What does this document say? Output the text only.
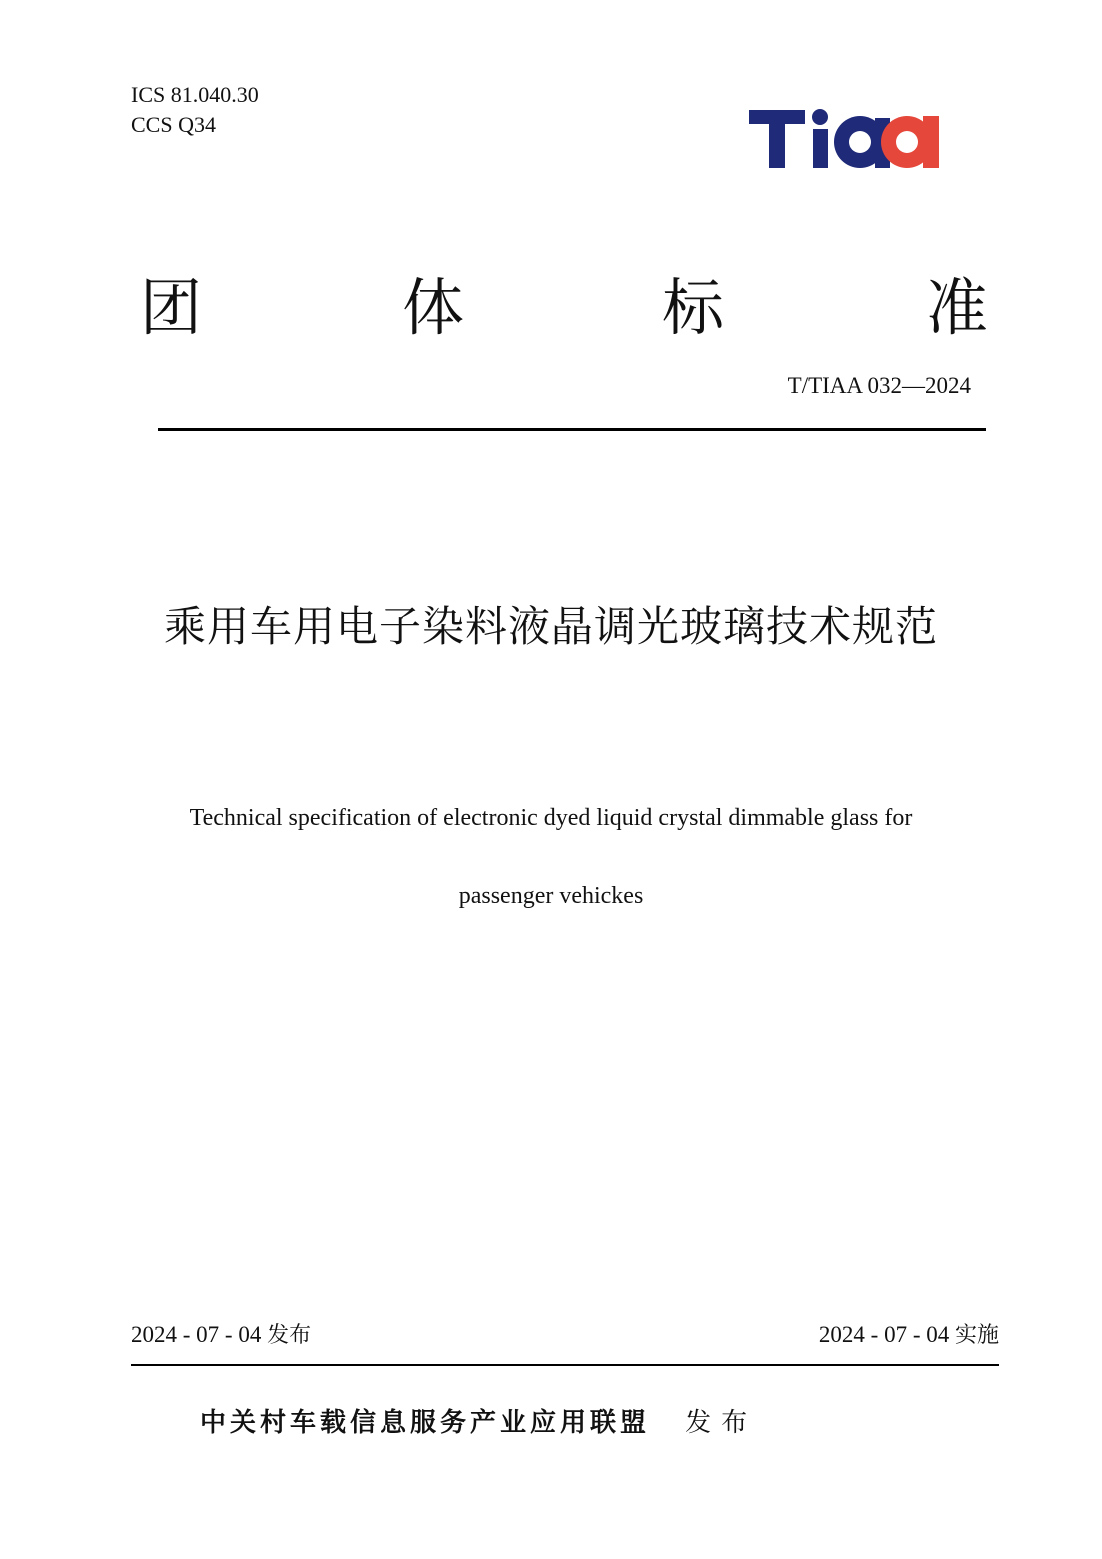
ICS 81.040.30
CCS Q34
团	体	标	准
T/TIAA 032—2024
乘用车用电子染料液晶调光玻璃技术规范
Technical specification of electronic dyed liquid crystal dimmable glass for
passenger vehickes
2024 - 07 - 04 发布	2024 - 07 - 04 实施
中关村车载信息服务产业应用联盟 发布
